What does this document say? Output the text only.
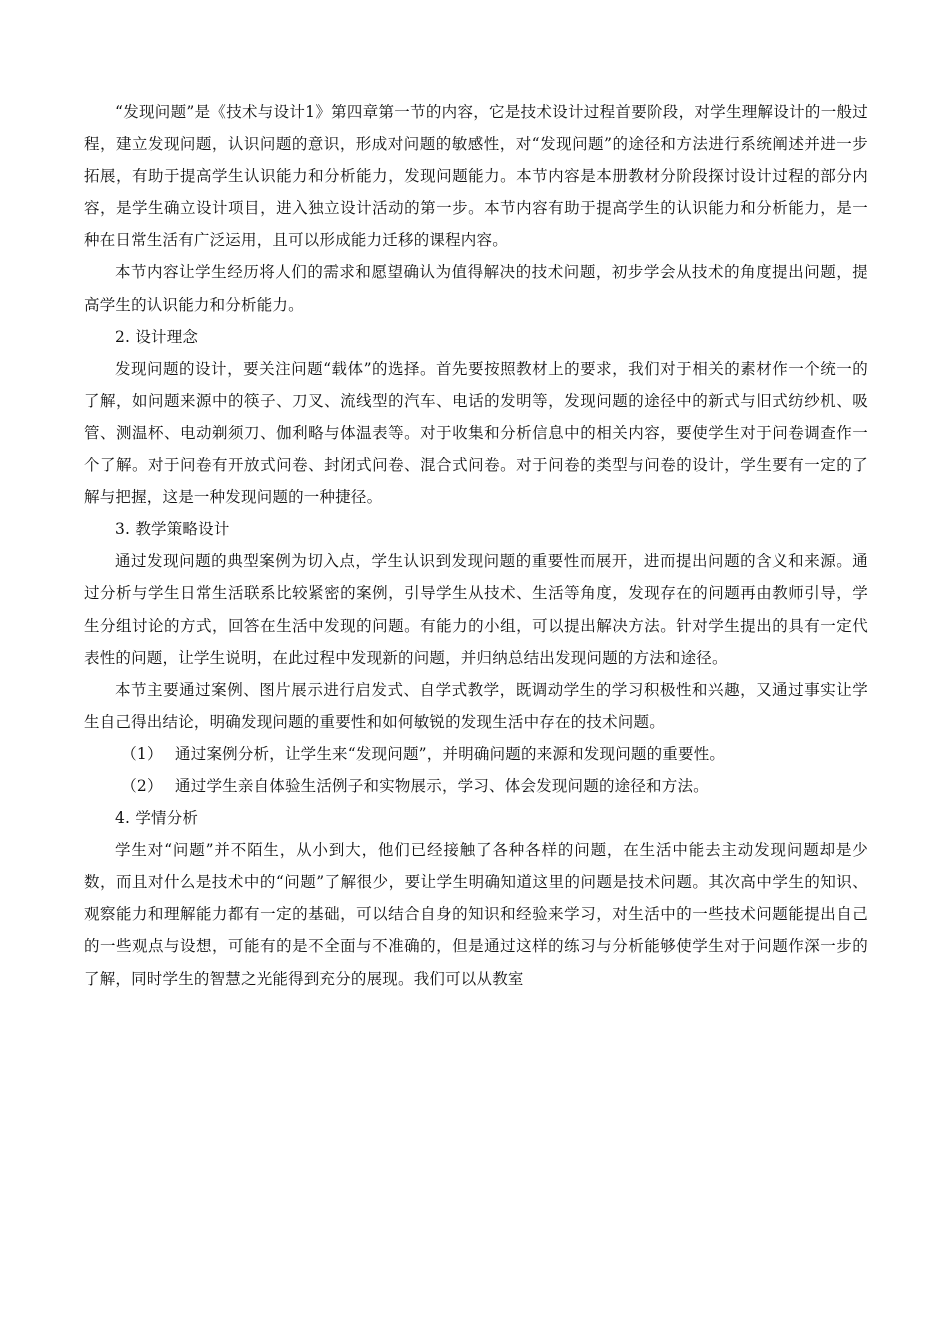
“发现问题”是《技术与设计1》第四章第一节的内容，它是技术设计过程首要阶段，对学生理解设计的一般过程，建立发现问题，认识问题的意识，形成对问题的敏感性，对“发现问题”的途径和方法进行系统阐述并进一步拓展，有助于提高学生认识能力和分析能力，发现问题能力。本节内容是本册教材分阶段探讨设计过程的部分内容，是学生确立设计项目，进入独立设计活动的第一步。本节内容有助于提高学生的认识能力和分析能力，是一种在日常生活有广泛运用，且可以形成能力迁移的课程内容。

本节内容让学生经历将人们的需求和愿望确认为值得解决的技术问题，初步学会从技术的角度提出问题，提高学生的认识能力和分析能力。

2. 设计理念

发现问题的设计，要关注问题“载体”的选择。首先要按照教材上的要求，我们对于相关的素材作一个统一的了解，如问题来源中的筷子、刀叉、流线型的汽车、电话的发明等，发现问题的途径中的新式与旧式纺纱机、吸管、测温杯、电动剃须刀、伽利略与体温表等。对于收集和分析信息中的相关内容，要使学生对于问卷调查作一个了解。对于问卷有开放式问卷、封闭式问卷、混合式问卷。对于问卷的类型与问卷的设计，学生要有一定的了解与把握，这是一种发现问题的一种捷径。

3. 教学策略设计

通过发现问题的典型案例为切入点，学生认识到发现问题的重要性而展开，进而提出问题的含义和来源。通过分析与学生日常生活联系比较紧密的案例，引导学生从技术、生活等角度，发现存在的问题再由教师引导，学生分组讨论的方式，回答在生活中发现的问题。有能力的小组，可以提出解决方法。针对学生提出的具有一定代表性的问题，让学生说明，在此过程中发现新的问题，并归纳总结出发现问题的方法和途径。

本节主要通过案例、图片展示进行启发式、自学式教学，既调动学生的学习积极性和兴趣，又通过事实让学生自己得出结论，明确发现问题的重要性和如何敏锐的发现生活中存在的技术问题。

（1） 通过案例分析，让学生来“发现问题”，并明确问题的来源和发现问题的重要性。

（2） 通过学生亲自体验生活例子和实物展示，学习、体会发现问题的途径和方法。

4. 学情分析

学生对“问题”并不陌生，从小到大，他们已经接触了各种各样的问题，在生活中能去主动发现问题却是少数，而且对什么是技术中的“问题”了解很少，要让学生明确知道这里的问题是技术问题。其次高中学生的知识、观察能力和理解能力都有一定的基础，可以结合自身的知识和经验来学习，对生活中的一些技术问题能提出自己的一些观点与设想，可能有的是不全面与不准确的，但是通过这样的练习与分析能够使学生对于问题作深一步的了解，同时学生的智慧之光能得到充分的展现。我们可以从教室
